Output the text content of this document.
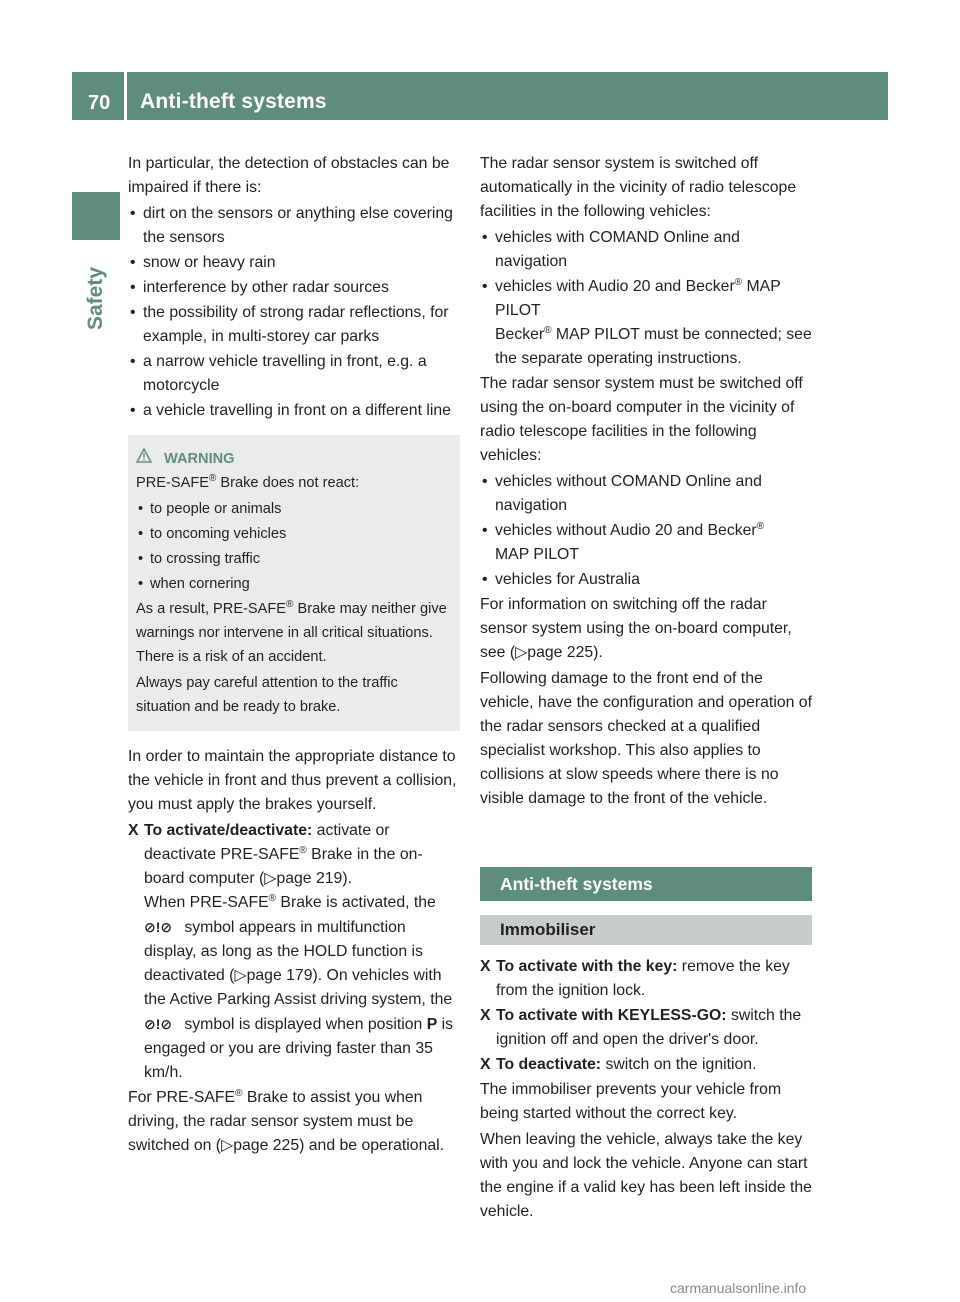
70 Anti-theft systems
Safety

In particular, the detection of obstacles can be impaired if there is:

• dirt on the sensors or anything else covering the sensors
• snow or heavy rain
• interference by other radar sources
• the possibility of strong radar reflections, for example, in multi-storey car parks
• a narrow vehicle travelling in front, e.g. a motorcycle
• a vehicle travelling in front on a different line

WARNING

PRE-SAFE® Brake does not react:

• to people or animals
• to oncoming vehicles
• to crossing traffic
• when cornering

As a result, PRE-SAFE® Brake may neither give warnings nor intervene in all critical situations. There is a risk of an accident.

Always pay careful attention to the traffic situation and be ready to brake.

In order to maintain the appropriate distance to the vehicle in front and thus prevent a collision, you must apply the brakes yourself.

X To activate/deactivate: activate or deactivate PRE-SAFE® Brake in the on-board computer (▷page 219).
When PRE-SAFE® Brake is activated, the
⊘!⊘ symbol appears in multifunction display, as long as the HOLD function is deactivated (▷page 179). On vehicles with the Active Parking Assist driving system, the
⊘!⊘ symbol is displayed when position P is engaged or you are driving faster than 35 km/h.

For PRE-SAFE® Brake to assist you when driving, the radar sensor system must be switched on (▷page 225) and be operational.

The radar sensor system is switched off automatically in the vicinity of radio telescope facilities in the following vehicles:

• vehicles with COMAND Online and navigation
• vehicles with Audio 20 and Becker® MAP PILOT
Becker® MAP PILOT must be connected; see the separate operating instructions.

The radar sensor system must be switched off using the on-board computer in the vicinity of radio telescope facilities in the following vehicles:

• vehicles without COMAND Online and navigation
• vehicles without Audio 20 and Becker®
MAP PILOT
• vehicles for Australia

For information on switching off the radar sensor system using the on-board computer, see (▷page 225).

Following damage to the front end of the vehicle, have the configuration and operation of the radar sensors checked at a qualified specialist workshop. This also applies to collisions at slow speeds where there is no visible damage to the front of the vehicle.

Anti-theft systems
Immobiliser
X To activate with the key: remove the key from the ignition lock.
X To activate with KEYLESS-GO: switch the ignition off and open the driver's door.
X To deactivate: switch on the ignition.

The immobiliser prevents your vehicle from being started without the correct key.

When leaving the vehicle, always take the key with you and lock the vehicle. Anyone can start the engine if a valid key has been left inside the vehicle.

carmanualsonline.info
